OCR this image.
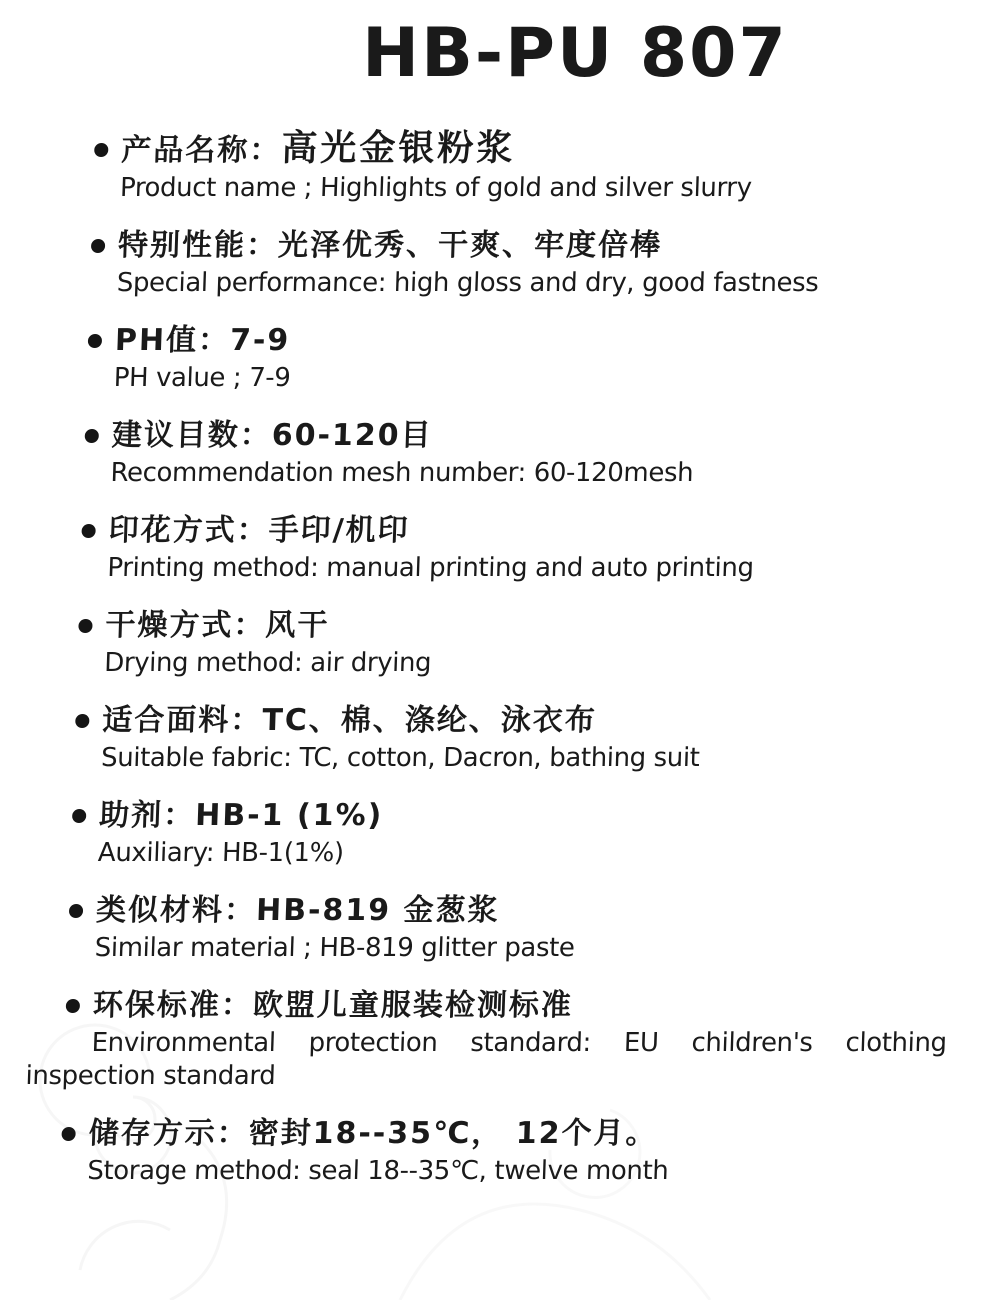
HB-PU 807
产品名称：
高光金银粉浆
Product name ; Highlights of gold and silver slurry
特别性能：光泽优秀、干爽、牢度倍棒
Special performance: high gloss and dry, good fastness
PH值：7-9
PH value ; 7-9
建议目数：60-120目
Recommendation mesh number: 60-120mesh
印花方式：手印/机印
Printing method: manual printing and auto printing
干燥方式：风干
Drying method: air drying
适合面料：TC、棉、涤纶、泳衣布
Suitable fabric: TC, cotton, Dacron, bathing suit
助剂：HB-1 (1%)
Auxiliary: HB-1(1%)
类似材料：HB-819 金葱浆
Similar material ; HB-819 glitter paste
环保标准：欧盟儿童服装检测标准
Environmental protection standard: EU children's clothing inspection standard
储存方示：密封18--35℃， 12个月。
Storage method: seal 18--35℃, twelve month
